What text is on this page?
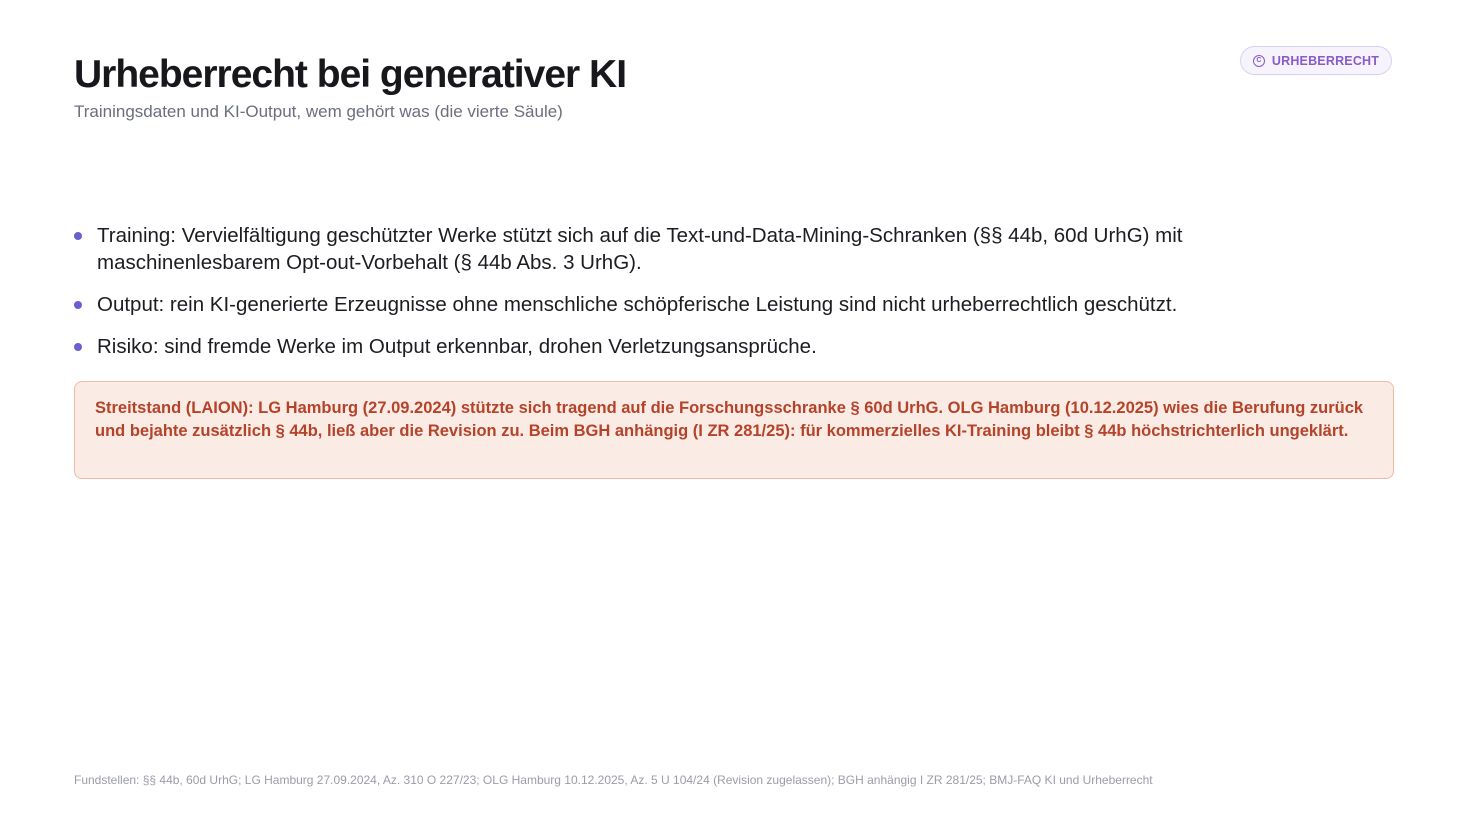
Urheberrecht bei generativer KI

Trainingsdaten und KI-Output, wem gehört was (die vierte Säule)

C URHEBERRECHT
Training: Vervielfältigung geschützter Werke stützt sich auf die Text-und-Data-Mining-Schranken (§§ 44b, 60d UrhG) mit maschinenlesbarem Opt-out-Vorbehalt (§ 44b Abs. 3 UrhG).
Output: rein KI-generierte Erzeugnisse ohne menschliche schöpferische Leistung sind nicht urheberrechtlich geschützt.
Risiko: sind fremde Werke im Output erkennbar, drohen Verletzungsansprüche.

Streitstand (LAION): LG Hamburg (27.09.2024) stützte sich tragend auf die Forschungsschranke § 60d UrhG. OLG Hamburg (10.12.2025) wies die Berufung zurück und bejahte zusätzlich § 44b, ließ aber die Revision zu. Beim BGH anhängig (I ZR 281/25): für kommerzielles KI-Training bleibt § 44b höchstrichterlich ungeklärt.

Fundstellen: §§ 44b, 60d UrhG; LG Hamburg 27.09.2024, Az. 310 O 227/23; OLG Hamburg 10.12.2025, Az. 5 U 104/24 (Revision zugelassen); BGH anhängig I ZR 281/25; BMJ-FAQ KI und Urheberrecht
